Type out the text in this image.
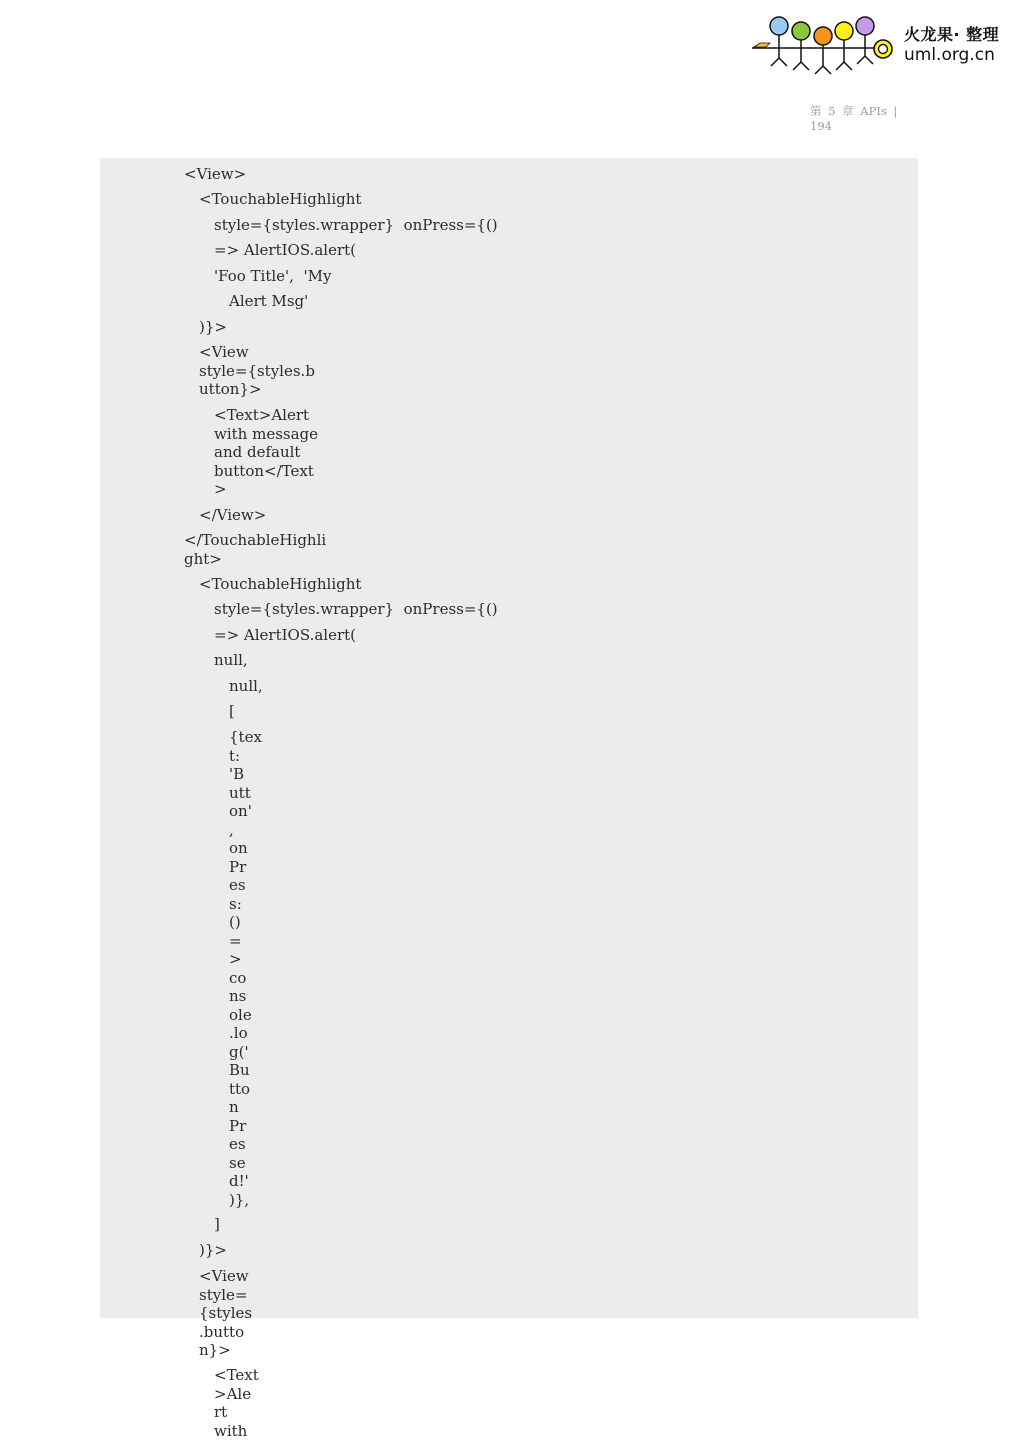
火龙果· 整理
uml.org.cn
第 5 章 APIs |
194
<View>
<TouchableHighlight
style={styles.wrapper}  onPress={()
=> AlertIOS.alert(
'Foo Title',  'My
Alert Msg'
)}>
<View
style={styles.b
utton}>
<Text>Alert
with message
and default
button</Text
>
</View>
</TouchableHighli
ght>
<TouchableHighlight
style={styles.wrapper}  onPress={()
=> AlertIOS.alert(
null,
null,
[
{tex
t:
'B
utt
on'
,
on
Pr
es
s:
()
=
>
co
ns
ole
.lo
g('
Bu
tto
n
Pr
es
se
d!'
)},
]
)}>
<View
style=
{styles
.butto
n}>
<Text
>Ale
rt
with
